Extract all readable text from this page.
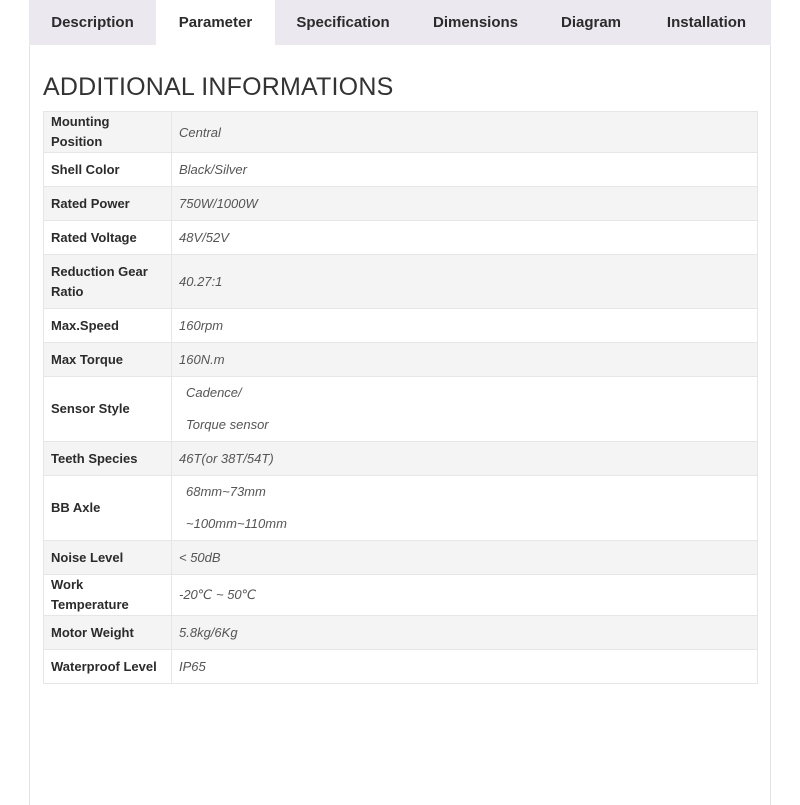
Description	Parameter	Specification	Dimensions	Diagram	Installation
ADDITIONAL INFORMATIONS
Mounting Position	Central
Shell Color	Black/Silver
Rated Power	750W/1000W
Rated Voltage	48V/52V
Reduction Gear Ratio	40.27:1
Max.Speed	160rpm
Max Torque	160N.m
Sensor Style	Cadence/
Torque sensor

Teeth Species	46T(or 38T/54T)
BB Axle	68mm~73mm
~100mm~110mm

Noise Level	< 50dB
Work Temperature	-20℃ ~ 50℃
Motor Weight	5.8kg/6Kg
Waterproof Level	IP65
